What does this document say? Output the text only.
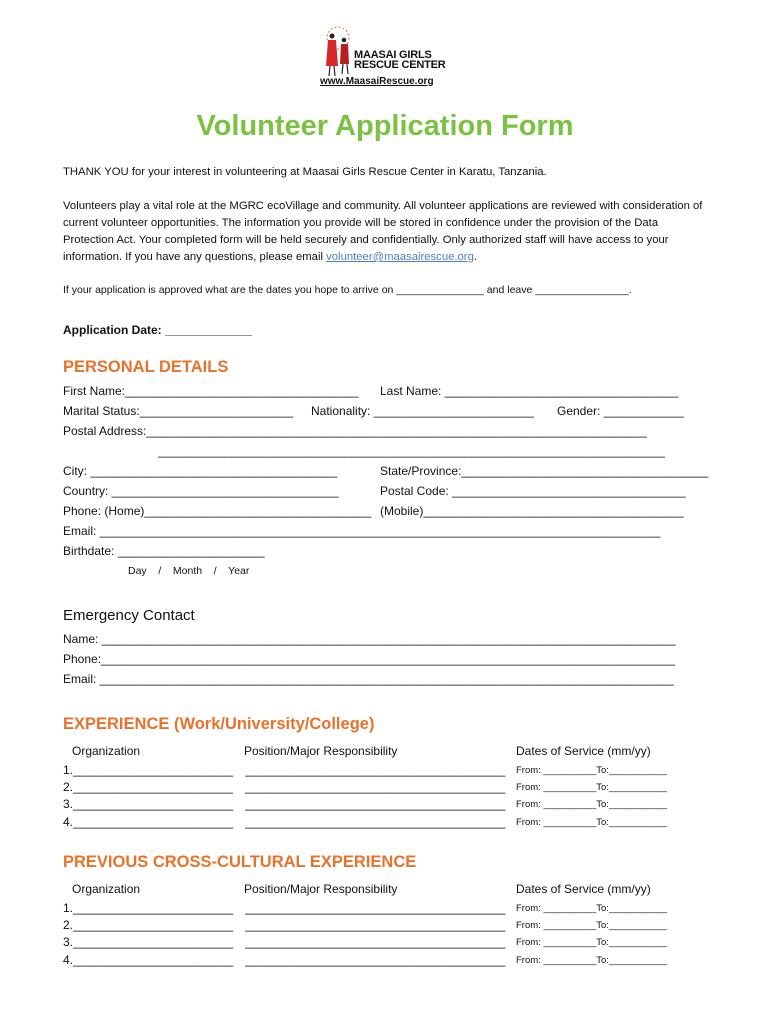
MAASAI GIRLS
RESCUE CENTER
www.MaasaiRescue.org
Volunteer Application Form
THANK YOU for your interest in volunteering at Maasai Girls Rescue Center in Karatu, Tanzania.
Volunteers play a vital role at the MGRC ecoVillage and community. All volunteer applications are reviewed with consideration of current volunteer opportunities. The information you provide will be stored in confidence under the provision of the Data Protection Act. Your completed form will be held securely and confidentially. Only authorized staff will have access to your information. If you have any questions, please email volunteer@maasairescue.org.
If your application is approved what are the dates you hope to arrive on _______________ and leave ________________.
Application Date: _____________
PERSONAL DETAILS
First Name:___________________________________ Last Name: ___________________________________
Marital Status:_______________________ Nationality: ________________________ Gender: ____________
Postal Address:___________________________________________________________________________
____________________________________________________________________________
City: _____________________________________	State/Province:_____________________________________
Country: __________________________________	Postal Code: ___________________________________
Phone: (Home)__________________________________ (Mobile)_______________________________________
Email: ____________________________________________________________________________________
Birthdate: ______________________
Day    /    Month    /    Year
Emergency Contact
Name: ______________________________________________________________________________________
Phone:______________________________________________________________________________________
Email: ______________________________________________________________________________________
EXPERIENCE (Work/University/College)
Organization	Position/Major Responsibility	Dates of Service (mm/yy)
1.________________________ _______________________________________	From: __________To:___________
2.________________________ _______________________________________	From: __________To:___________
3.________________________ _______________________________________	From: __________To:___________
4.________________________ _______________________________________	From: __________To:___________
PREVIOUS CROSS-CULTURAL EXPERIENCE
Organization	Position/Major Responsibility	Dates of Service (mm/yy)
1.________________________ _______________________________________	From: __________To:___________
2.________________________ _______________________________________	From: __________To:___________
3.________________________ _______________________________________	From: __________To:___________
4.________________________ _______________________________________	From: __________To:___________
